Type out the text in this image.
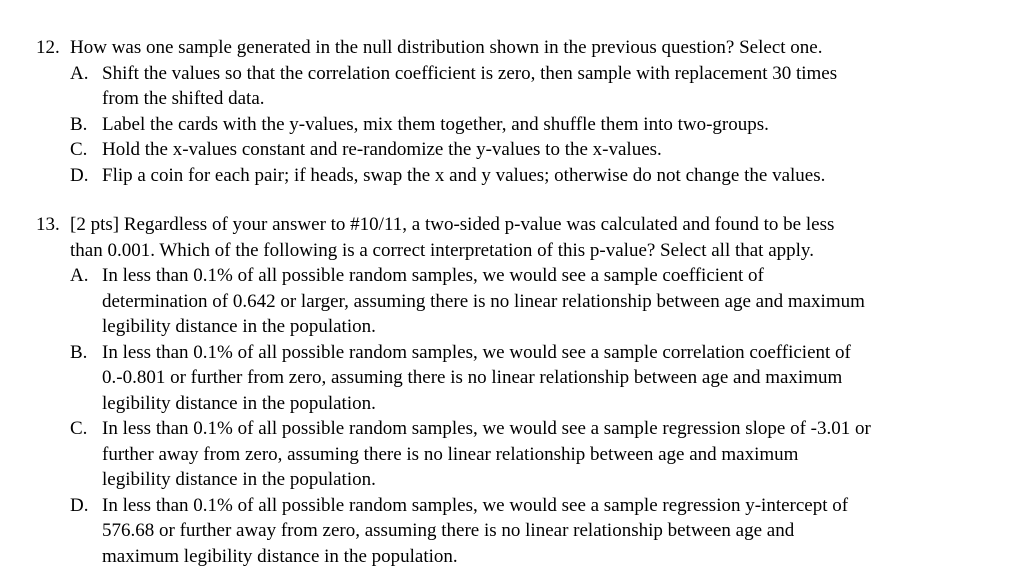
12. How was one sample generated in the null distribution shown in the previous question? Select one.
A. Shift the values so that the correlation coefficient is zero, then sample with replacement 30 times
from the shifted data.
B. Label the cards with the y-values, mix them together, and shuffle them into two-groups.
C. Hold the x-values constant and re-randomize the y-values to the x-values.
D. Flip a coin for each pair; if heads, swap the x and y values; otherwise do not change the values.
13. [2 pts] Regardless of your answer to #10/11, a two-sided p-value was calculated and found to be less
than 0.001. Which of the following is a correct interpretation of this p-value? Select all that apply.
A. In less than 0.1% of all possible random samples, we would see a sample coefficient of
determination of 0.642 or larger, assuming there is no linear relationship between age and maximum
legibility distance in the population.
B. In less than 0.1% of all possible random samples, we would see a sample correlation coefficient of
0.-0.801 or further from zero, assuming there is no linear relationship between age and maximum
legibility distance in the population.
C. In less than 0.1% of all possible random samples, we would see a sample regression slope of -3.01 or
further away from zero, assuming there is no linear relationship between age and maximum
legibility distance in the population.
D. In less than 0.1% of all possible random samples, we would see a sample regression y-intercept of
576.68 or further away from zero, assuming there is no linear relationship between age and
maximum legibility distance in the population.
